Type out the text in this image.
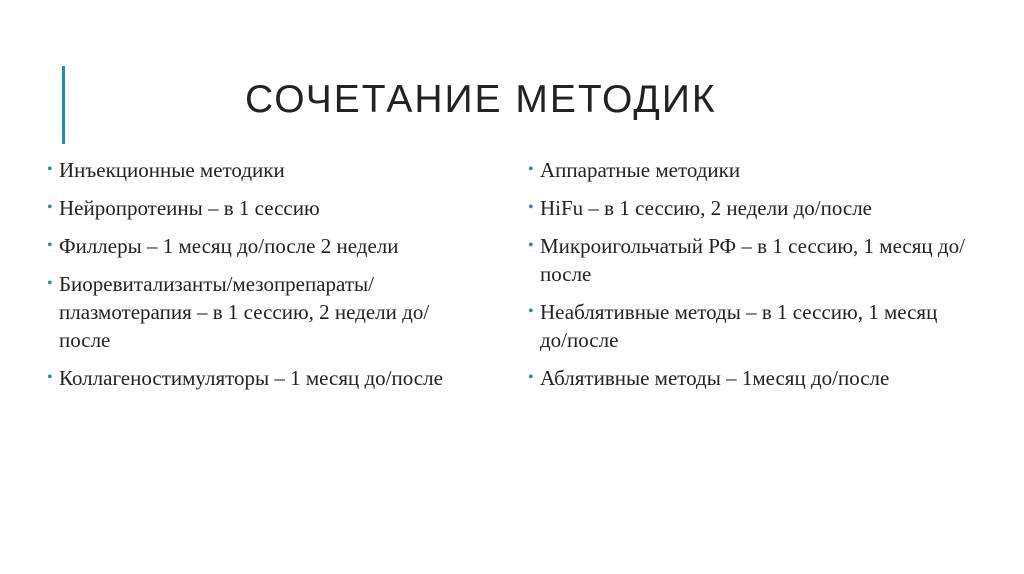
СОЧЕТАНИЕ МЕТОДИК
• Инъекционные методики
• Нейропротеины – в 1 сессию
• Филлеры – 1 месяц до/после 2 недели
• Биоревитализанты/мезопрепараты/плазмотерапия – в 1 сессию, 2 недели до/после
• Коллагеностимуляторы – 1 месяц до/после
• Аппаратные методики
• HiFu – в 1 сессию, 2 недели до/после
• Микроигольчатый РФ – в 1 сессию, 1 месяц до/после
• Неаблятивные методы – в 1 сессию, 1 месяц до/после
• Аблятивные методы – 1месяц до/после
